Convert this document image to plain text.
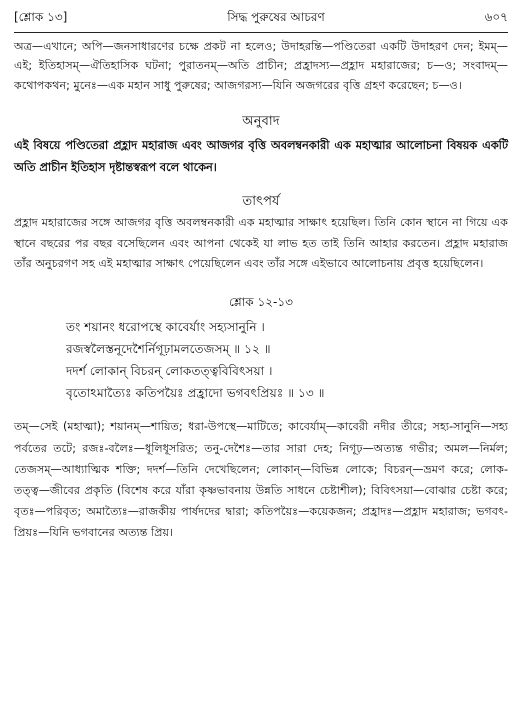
[শ্লোক ১৩]	সিদ্ধ পুরুষের আচরণ	৬০৭

অত্র—এখানে; অপি—জনসাধারণের চক্ষে প্রকট না হলেও; উদাহরন্তি—পণ্ডিতেরা একটি উদাহরণ দেন; ইমম্—এই; ইতিহাসম্—ঐতিহাসিক ঘটনা; পুরাতনম্—অতি প্রাচীন; প্রহ্রাদস্য—প্রহ্লাদ মহারাজের; চ—ও; সংবাদম্—কথোপকথন; মুনেঃ—এক মহান সাধু পুরুষের; আজগরস্য—যিনি অজগরের বৃত্তি গ্রহণ করেছেন; চ—ও।

অনুবাদ

এই বিষয়ে পণ্ডিতেরা প্রহ্লাদ মহারাজ এবং আজগর বৃত্তি অবলম্বনকারী এক মহাত্মার আলোচনা বিষয়ক একটি অতি প্রাচীন ইতিহাস দৃষ্টান্তস্বরূপ বলে থাকেন।

তাৎপর্য

প্রহ্লাদ মহারাজের সঙ্গে আজগর বৃত্তি অবলম্বনকারী এক মহাত্মার সাক্ষাৎ হয়েছিল। তিনি কোন স্থানে না গিয়ে এক স্থানে বছরের পর বছর বসেছিলেন এবং আপনা থেকেই যা লাভ হত তাই তিনি আহার করতেন। প্রহ্লাদ মহারাজ তাঁর অনুচরগণ সহ এই মহাত্মার সাক্ষাৎ পেয়েছিলেন এবং তাঁর সঙ্গে এইভাবে আলোচনায় প্রবৃত্ত হয়েছিলেন।

শ্লোক ১২-১৩
তং শয়ানং ধরোপস্থে কাবের্যাং সহ্যসানুনি ।
রজস্বলৈস্তনূদেশৈর্নিগূঢ়ামলতেজসম্ ॥ ১২ ॥
দদর্শ লোকান্ বিচরন্ লোকতত্ত্ববিবিৎসয়া ।
বৃতোঽমাত্যৈঃ কতিপয়ৈঃ প্রহ্রাদো ভগবৎপ্রিয়ঃ ॥ ১৩ ॥

তম্—সেই (মহাত্মা); শয়ানম্—শায়িত; ধরা-উপস্থে—মাটিতে; কাবের্যাম্—কাবেরী নদীর তীরে; সহ্য-সানুনি—সহ্য পর্বতের তটে; রজঃ-বলৈঃ—ধূলিধূসরিত; তনু-দেশৈঃ—তার সারা দেহ; নিগূঢ়—অত্যন্ত গভীর; অমল—নির্মল; তেজসম্—আধ্যাত্মিক শক্তি; দদর্শ—তিনি দেখেছিলেন; লোকান্—বিভিন্ন লোকে; বিচরন্—ভ্রমণ করে; লোক-তত্ত্ব—জীবের প্রকৃতি (বিশেষ করে যাঁরা কৃষ্ণভাবনায় উন্নতি সাধনে চেষ্টাশীল); বিবিৎসয়া—বোঝার চেষ্টা করে; বৃতঃ—পরিবৃত; অমাত্যৈঃ—রাজকীয় পার্ষদদের দ্বারা; কতিপয়ৈঃ—কয়েকজন; প্রহ্রাদঃ—প্রহ্লাদ মহারাজ; ভগবৎ-প্রিয়ঃ—যিনি ভগবানের অত্যন্ত প্রিয়।
